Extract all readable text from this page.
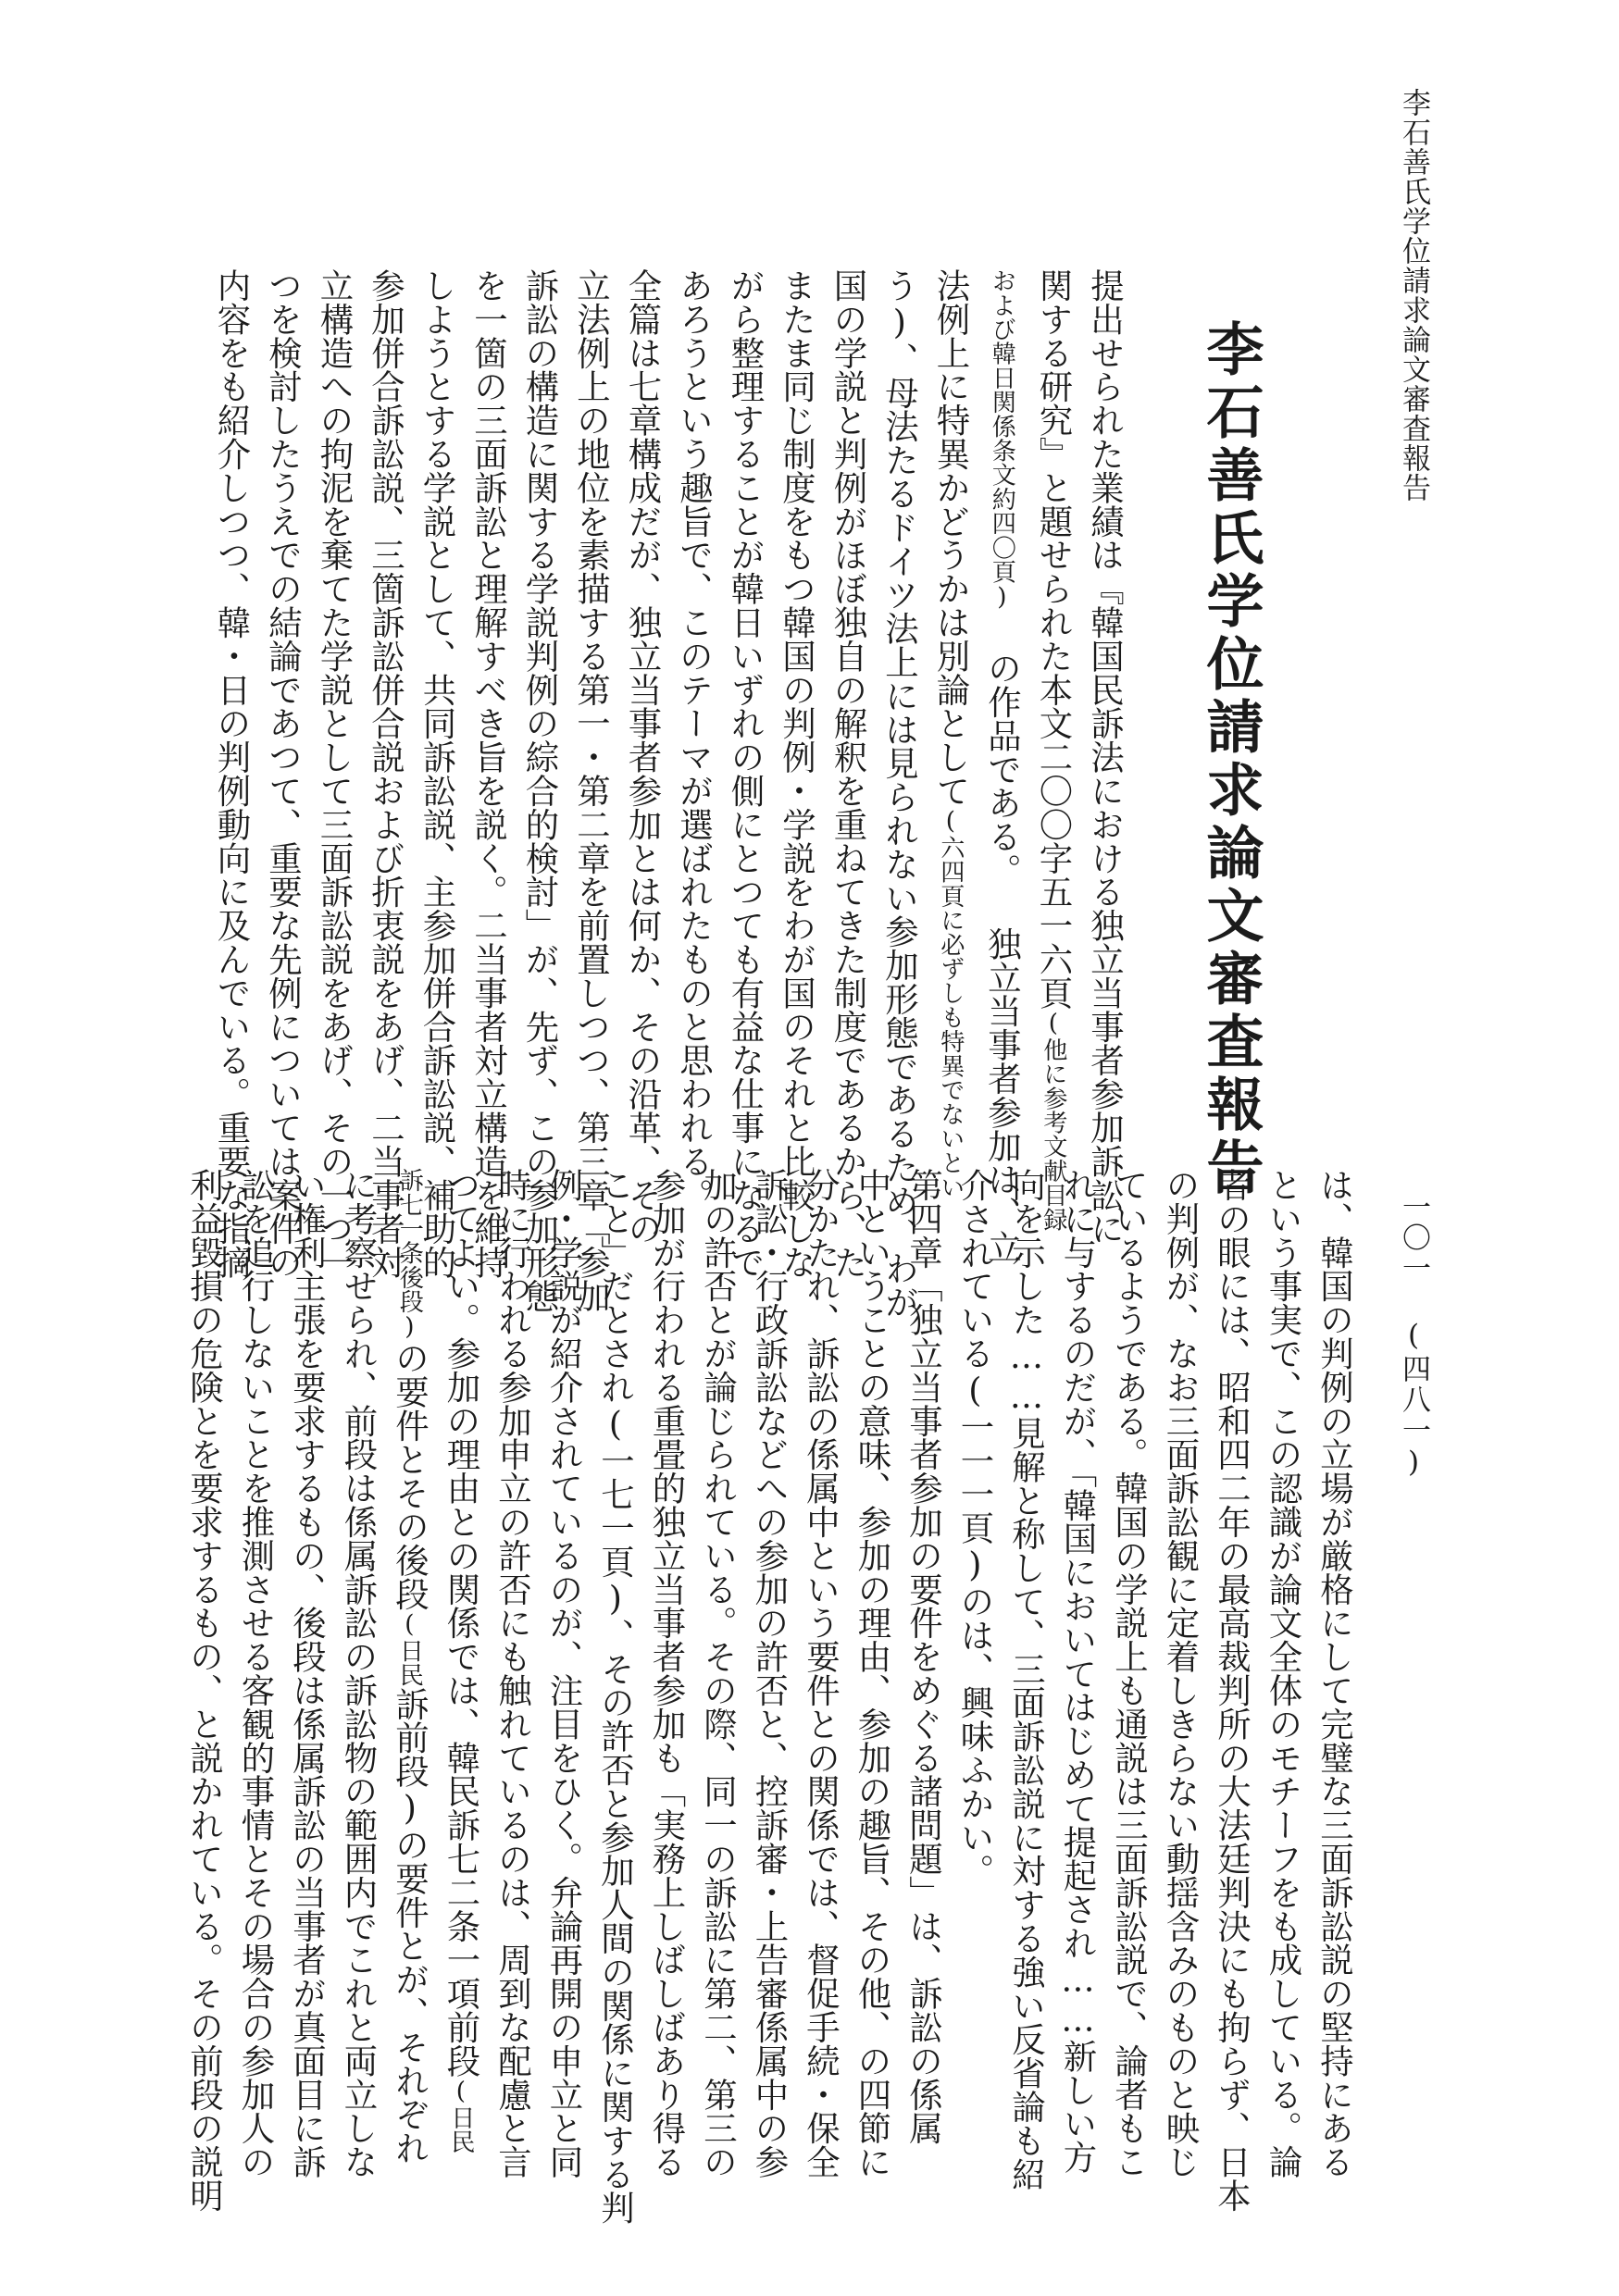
李石善氏学位請求論文審査報告
一〇一 (四八一)
李石善氏学位請求論文審査報告
提出せられた業績は『韓国民訴法における独立当事者参加訴訟に
関する研究』と題せられた本文二〇〇字五一六頁(他に参考文献目録
および韓日関係条文約四〇頁) の作品である。 独立当事者参加は、立
法例上に特異かどうかは別論として(六四頁に必ずしも特異でないとい
う)、母法たるドイツ法上には見られない参加形態であるため、わが
国の学説と判例がほぼ独自の解釈を重ねてきた制度であるから、た
またま同じ制度をもつ韓国の判例・学説をわが国のそれと比較しな
がら整理することが韓日いずれの側にとつても有益な仕事になるで
あろうという趣旨で、このテーマが選ばれたものと思われる。
全篇は七章構成だが、独立当事者参加とは何か、その沿革、その
立法例上の地位を素描する第一・第二章を前置しつつ、第三章「参加
訴訟の構造に関する学説判例の綜合的検討」が、先ず、この参加形態
を一箇の三面訴訟と理解すべき旨を説く。二当事者対立構造を維持
しようとする学説として、共同訴訟説、主参加併合訴訟説、補助的
参加併合訴訟説、三箇訴訟併合説および折衷説をあげ、二当事者対
立構造への拘泥を棄てた学説として三面訴訟説をあげ、その一つ一
つを検討したうえでの結論であつて、重要な先例については案件の
内容をも紹介しつつ、韓・日の判例動向に及んでいる。重要な指摘
は、韓国の判例の立場が厳格にして完璧な三面訴訟説の堅持にある
という事実で、この認識が論文全体のモチーフをも成している。論
者の眼には、昭和四二年の最高裁判所の大法廷判決にも拘らず、日本
の判例が、なお三面訴訟観に定着しきらない動揺含みのものと映じ
ているようである。韓国の学説上も通説は三面訴訟説で、論者もこ
れに与するのだが、「韓国においてはじめて提起され……新しい方
向を示した……見解と称して、三面訴訟説に対する強い反省論も紹
介されている(一一一頁)のは、興味ふかい。
第四章「独立当事者参加の要件をめぐる諸問題」は、訴訟の係属
中ということの意味、参加の理由、参加の趣旨、その他、の四節に
分かたれ、訴訟の係属中という要件との関係では、督促手続・保全
訴訟・行政訴訟などへの参加の許否と、控訴審・上告審係属中の参
加の許否とが論じられている。その際、同一の訴訟に第二、第三の
参加が行われる重畳的独立当事者参加も「実務上しばしばあり得る
こと」だとされ(一七一頁)、その許否と参加人間の関係に関する判
例・学説が紹介されているのが、注目をひく。弁論再開の申立と同
時に行われる参加申立の許否にも触れているのは、周到な配慮と言
つてよい。参加の理由との関係では、韓民訴七二条一項前段(日民
訴七一条後段)の要件とその後段(日民訴前段)の要件とが、それぞれ
に考察せられ、前段は係属訴訟の訴訟物の範囲内でこれと両立しな
い権利主張を要求するもの、後段は係属訴訟の当事者が真面目に訴
訟を追行しないことを推測させる客観的事情とその場合の参加人の
利益毀損の危険とを要求するもの、と説かれている。その前段の説明
